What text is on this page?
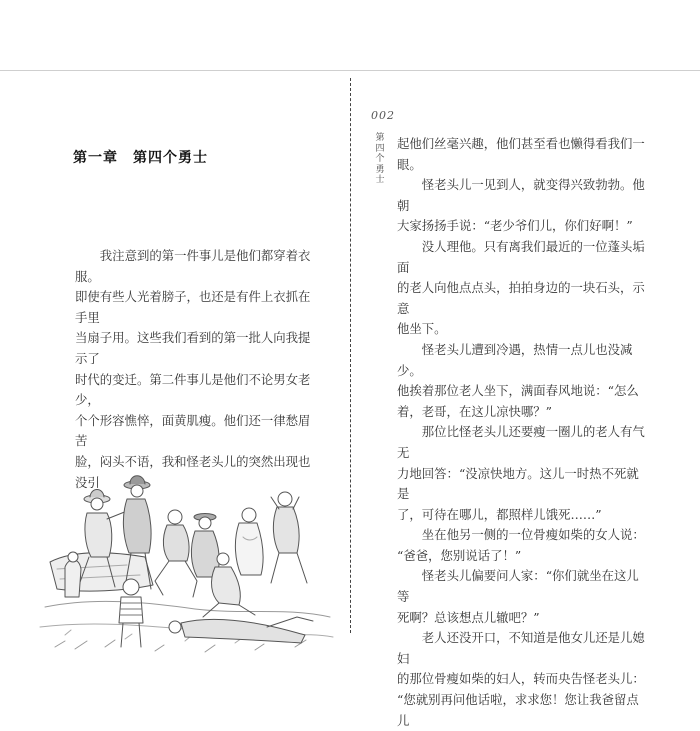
第一章　第四个勇士

我注意到的第一件事儿是他们都穿着衣服。

即使有些人光着膀子，也还是有件上衣抓在手里

当扇子用。这些我们看到的第一批人向我提示了

时代的变迁。第二件事儿是他们不论男女老少，

个个形容憔悴，面黄肌瘦。他们还一律愁眉苦

脸，闷头不语，我和怪老头儿的突然出现也没引

002
第
四
个
勇
士

起他们丝毫兴趣，他们甚至看也懒得看我们一

眼。

怪老头儿一见到人，就变得兴致勃勃。他朝

大家扬扬手说：“老少爷们儿，你们好啊！”

没人理他。只有离我们最近的一位蓬头垢面

的老人向他点点头，拍拍身边的一块石头，示意

他坐下。

怪老头儿遭到冷遇，热情一点儿也没减少。

他挨着那位老人坐下，满面春风地说：“怎么

着，老哥，在这儿凉快哪？”

那位比怪老头儿还要瘦一圈儿的老人有气无

力地回答：“没凉快地方。这儿一时热不死就是

了，可待在哪儿，都照样儿饿死……”

坐在他另一侧的一位骨瘦如柴的女人说：

“爸爸，您别说话了！”

怪老头儿偏要问人家：“你们就坐在这儿等

死啊？总该想点儿辙吧？”

老人还没开口，不知道是他女儿还是儿媳妇

的那位骨瘦如柴的妇人，转而央告怪老头儿：

“您就别再问他话啦，求求您！您让我爸留点儿
